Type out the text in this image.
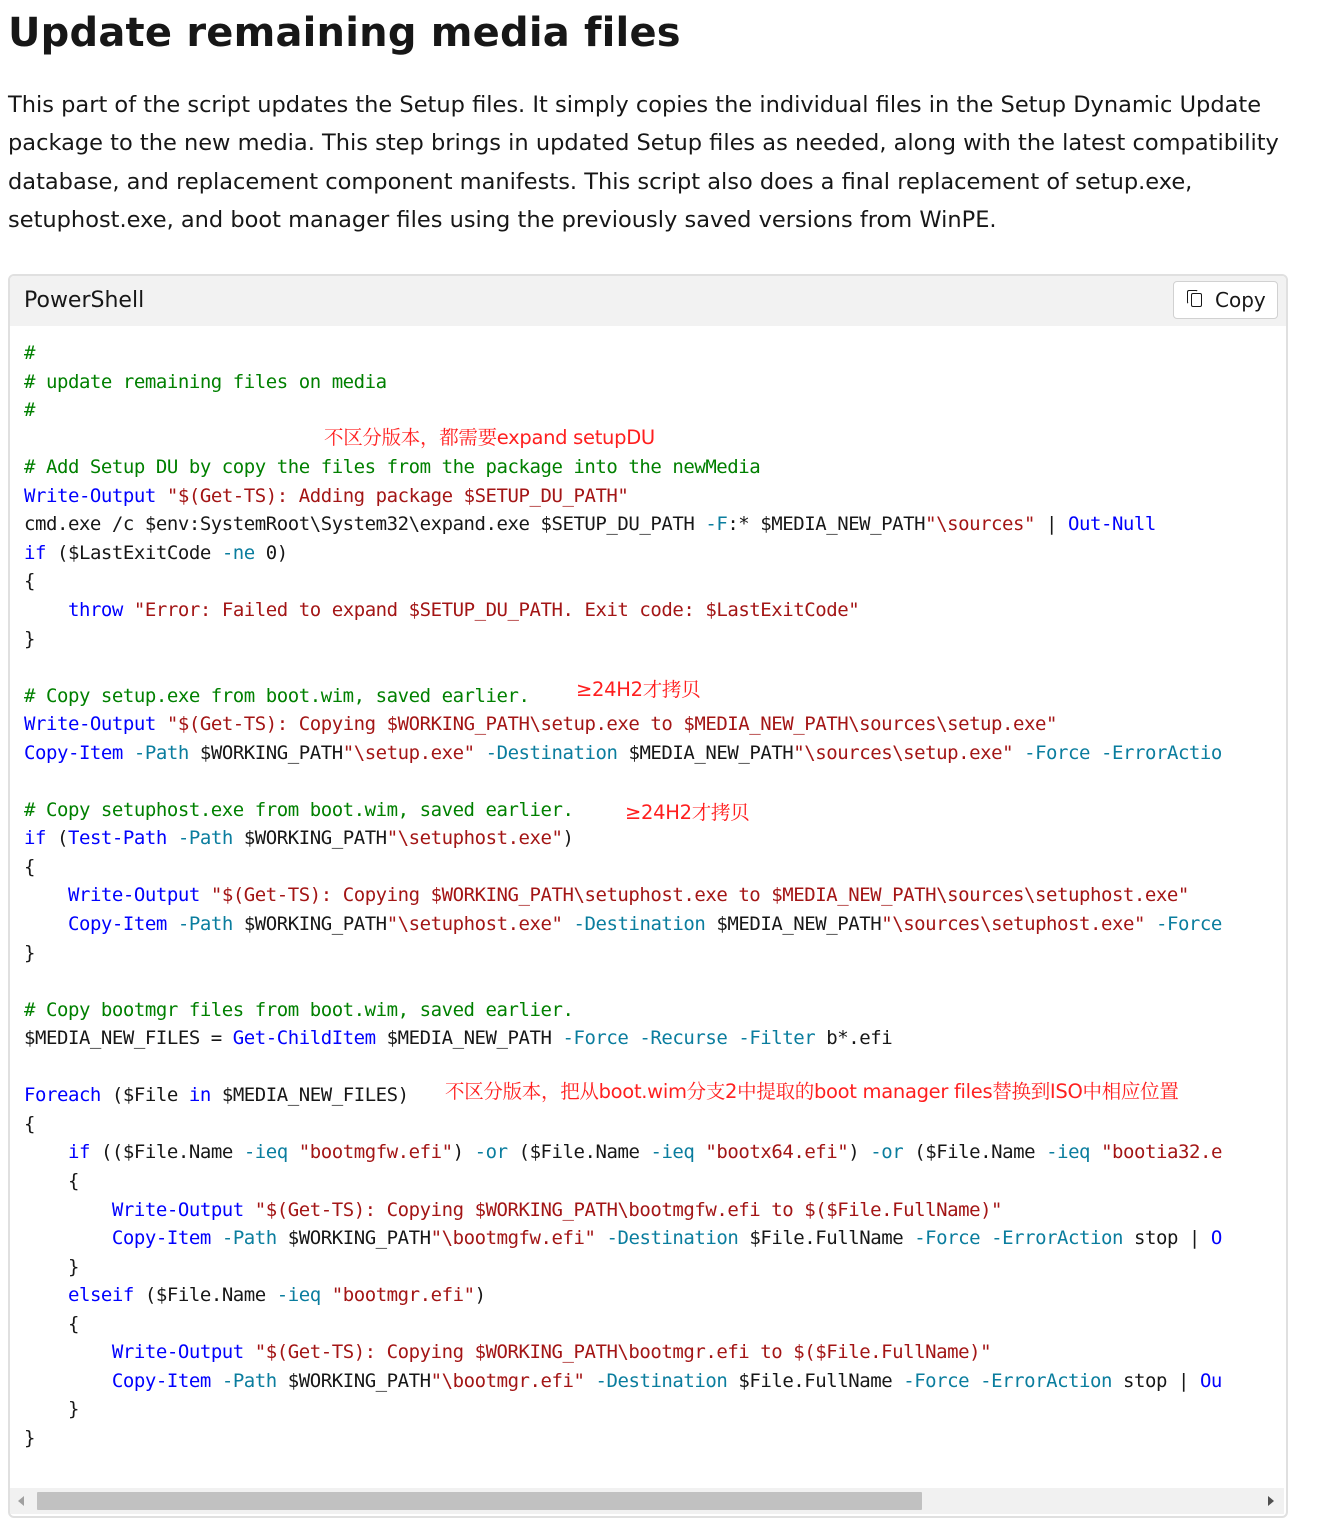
Update remaining media files

This part of the script updates the Setup files. It simply copies the individual files in the Setup Dynamic Update package to the new media. This step brings in updated Setup files as needed, along with the latest compatibility database, and replacement component manifests. This script also does a final replacement of setup.exe, setuphost.exe, and boot manager files using the previously saved versions from WinPE.

PowerShell	Copy
#
# update remaining files on media
#
# Add Setup DU by copy the files from the package into the newMedia
Write-Output "$(Get-TS): Adding package $SETUP_DU_PATH"
cmd.exe /c $env:SystemRoot\System32\expand.exe $SETUP_DU_PATH -F:* $MEDIA_NEW_PATH"\sources" | Out-Null
if ($LastExitCode -ne 0)
{
throw "Error: Failed to expand $SETUP_DU_PATH. Exit code: $LastExitCode"
}
# Copy setup.exe from boot.wim, saved earlier.
Write-Output "$(Get-TS): Copying $WORKING_PATH\setup.exe to $MEDIA_NEW_PATH\sources\setup.exe"
Copy-Item -Path $WORKING_PATH"\setup.exe" -Destination $MEDIA_NEW_PATH"\sources\setup.exe" -Force -ErrorActio
# Copy setuphost.exe from boot.wim, saved earlier.
if (Test-Path -Path $WORKING_PATH"\setuphost.exe")
{
Write-Output "$(Get-TS): Copying $WORKING_PATH\setuphost.exe to $MEDIA_NEW_PATH\sources\setuphost.exe"
Copy-Item -Path $WORKING_PATH"\setuphost.exe" -Destination $MEDIA_NEW_PATH"\sources\setuphost.exe" -Force
}
# Copy bootmgr files from boot.wim, saved earlier.
$MEDIA_NEW_FILES = Get-ChildItem $MEDIA_NEW_PATH -Force -Recurse -Filter b*.efi
Foreach ($File in $MEDIA_NEW_FILES)
{
if (($File.Name -ieq "bootmgfw.efi") -or ($File.Name -ieq "bootx64.efi") -or ($File.Name -ieq "bootia32.e
{
Write-Output "$(Get-TS): Copying $WORKING_PATH\bootmgfw.efi to $($File.FullName)"
Copy-Item -Path $WORKING_PATH"\bootmgfw.efi" -Destination $File.FullName -Force -ErrorAction stop | O
}
elseif ($File.Name -ieq "bootmgr.efi")
{
Write-Output "$(Get-TS): Copying $WORKING_PATH\bootmgr.efi to $($File.FullName)"
Copy-Item -Path $WORKING_PATH"\bootmgr.efi" -Destination $File.FullName -Force -ErrorAction stop | Ou
}
}
不区分版本，都需要expand setupDU
≥24H2才拷贝
≥24H2才拷贝
不区分版本，把从boot.wim分支2中提取的boot manager files替换到ISO中相应位置
